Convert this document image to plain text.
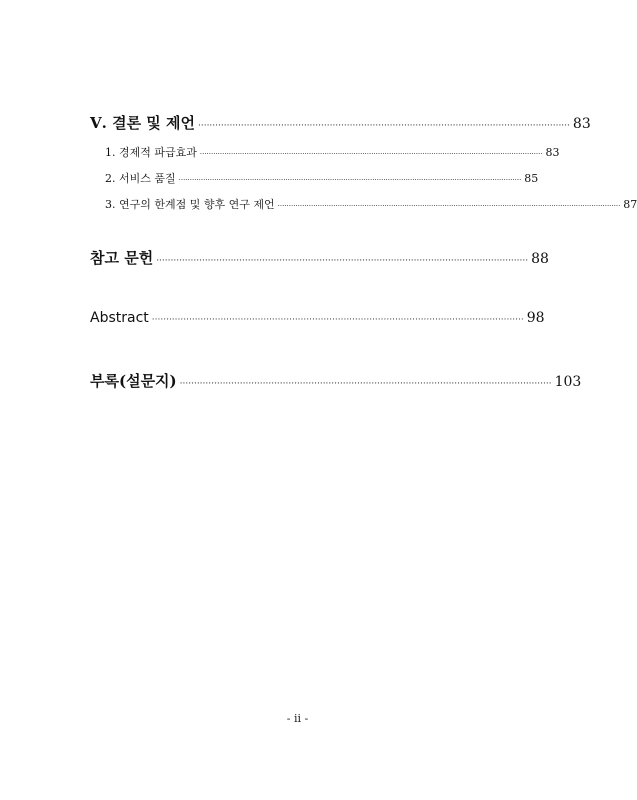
Ⅴ. 결론 및 제언 ·································································································································· 83
1. 경제적 파급효과 ·························································································································································· 83
2. 서비스 품질 ·························································································································································· 85
3. 연구의 한계점 및 향후 연구 제언 ·························································································································································· 87
참고 문헌 ·································································································································· 88
Abstract ·································································································································· 98
부록(설문지) ·································································································································· 103
- ii -
